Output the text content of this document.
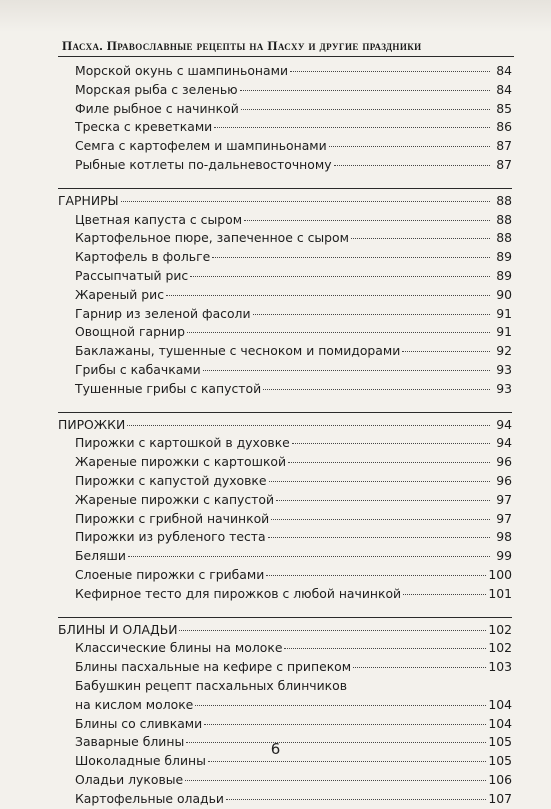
Пасха. Православные рецепты на Пасху и другие праздники
Морской окунь с шампиньонами	84
Морская рыба с зеленью	84
Филе рыбное с начинкой	85
Треска с креветками	86
Семга с картофелем и шампиньонами	87
Рыбные котлеты по-дальневосточному	87
ГАРНИРЫ	88
Цветная капуста с сыром	88
Картофельное пюре, запеченное с сыром	88
Картофель в фольге	89
Рассыпчатый рис	89
Жареный рис	90
Гарнир из зеленой фасоли	91
Овощной гарнир	91
Баклажаны, тушенные с чесноком и помидорами	92
Грибы с кабачками	93
Тушенные грибы с капустой	93
ПИРОЖКИ	94
Пирожки с картошкой в духовке	94
Жареные пирожки с картошкой	96
Пирожки с капустой духовке	96
Жареные пирожки с капустой	97
Пирожки с грибной начинкой	97
Пирожки из рубленого теста	98
Беляши	99
Слоеные пирожки с грибами	100
Кефирное тесто для пирожков с любой начинкой	101
БЛИНЫ И ОЛАДЬИ	102
Классические блины на молоке	102
Блины пасхальные на кефире с припеком	103
Бабушкин рецепт пасхальных блинчиков
на кислом молоке	104
Блины со сливками	104
Заварные блины	105
Шоколадные блины	105
Оладьи луковые	106
Картофельные оладьи	107
6
